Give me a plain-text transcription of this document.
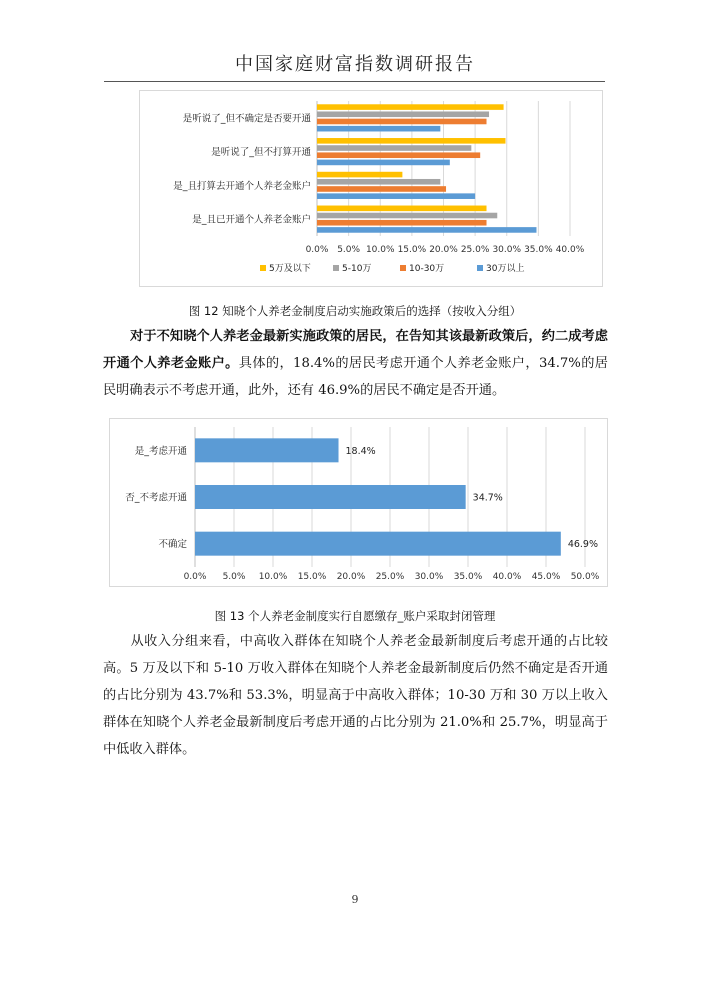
中国家庭财富指数调研报告
0.0% 5.0% 10.0% 15.0% 20.0% 25.0% 30.0% 35.0% 40.0%
是听说了_但不确定是否要开通
是听说了_但不打算开通
是_且打算去开通个人养老金账户
是_且已开通个人养老金账户
5万及以下	5-10万	10-30万	30万以上
图 12 知晓个人养老金制度启动实施政策后的选择（按收入分组）

对于不知晓个人养老金最新实施政策的居民，在告知其该最新政策后，约二成考虑开通个人养老金账户。具体的，18.4%的居民考虑开通个人养老金账户，34.7%的居民明确表示不考虑开通，此外，还有 46.9%的居民不确定是否开通。

0.0% 5.0% 10.0% 15.0% 20.0% 25.0% 30.0% 35.0% 40.0% 45.0% 50.0%
是_考虑开通	18.4%
否_不考虑开通	34.7%
不确定	46.9%
图 13 个人养老金制度实行自愿缴存_账户采取封闭管理

从收入分组来看，中高收入群体在知晓个人养老金最新制度后考虑开通的占比较高。5 万及以下和 5-10 万收入群体在知晓个人养老金最新制度后仍然不确定是否开通的占比分别为 43.7%和 53.3%，明显高于中高收入群体；10-30 万和 30 万以上收入群体在知晓个人养老金最新制度后考虑开通的占比分别为 21.0%和 25.7%，明显高于中低收入群体。

9
